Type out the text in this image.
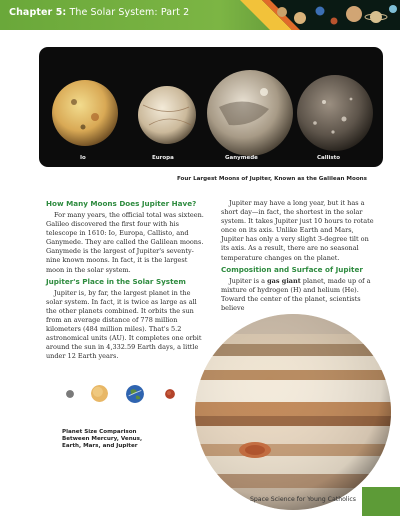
Chapter 5: The Solar System: Part 2
Io	Europa	Ganymede	Callisto
Four Largest Moons of Jupiter, Known as the Galilean Moons
How Many Moons Does Jupiter Have?

For many years, the official total was sixteen. Galileo discovered the first four with his telescope in 1610: Io, Europa, Callisto, and Ganymede. They are called the Galilean moons. Ganymede is the largest of Jupiter's seventy-nine known moons. In fact, it is the largest moon in the solar system.

Jupiter's Place in the Solar System

Jupiter is, by far, the largest planet in the solar system. In fact, it is twice as large as all the other planets combined. It orbits the sun from an average distance of 778 million kilometers (484 million miles). That's 5.2 astronomical units (AU). It completes one orbit around the sun in 4,332.59 Earth days, a little under 12 Earth years.

Jupiter may have a long year, but it has a short day—in fact, the shortest in the solar system. It takes Jupiter just 10 hours to rotate once on its axis. Unlike Earth and Mars, Jupiter has only a very slight 3-degree tilt on its axis. As a result, there are no seasonal temperature changes on the planet.

Composition and Surface of Jupiter

Jupiter is a gas giant planet, made up of a mixture of hydrogen (H) and helium (He). Toward the center of the planet, scientists believe

Planet Size Comparison
Between Mercury, Venus,
Earth, Mars, and Jupiter
Space Science for Young Catholics
